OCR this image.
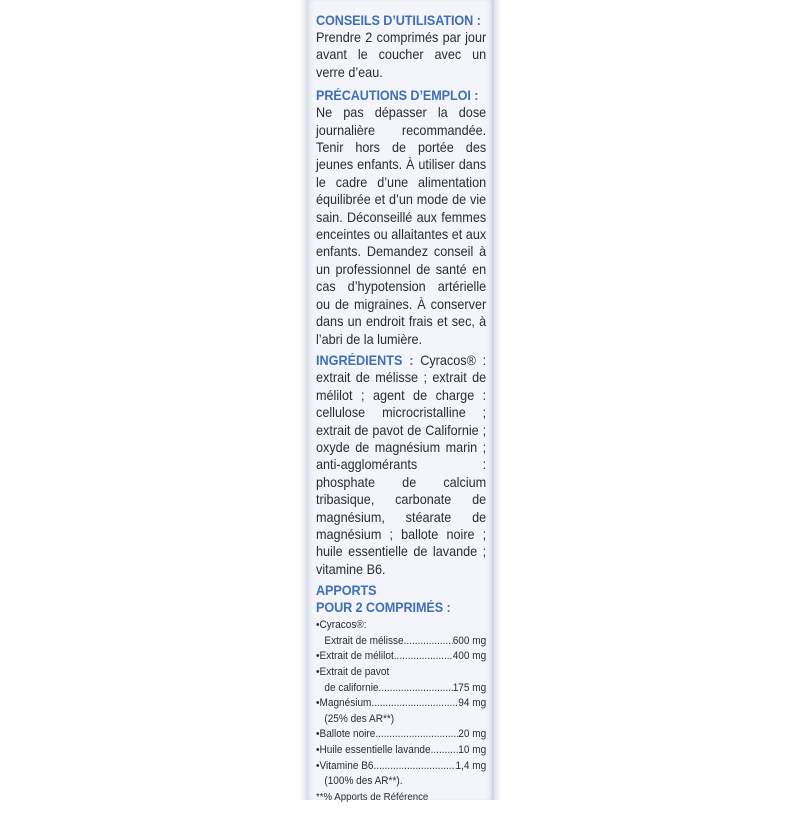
CONSEILS D’UTILISATION :

Prendre 2 comprimés par jour avant le coucher avec un verre d’eau.

PRÉCAUTIONS D’EMPLOI :

Ne pas dépasser la dose journalière recommandée. Tenir hors de portée des jeunes enfants. À utiliser dans le cadre d’une alimentation équilibrée et d’un mode de vie sain. Déconseillé aux femmes enceintes ou allaitantes et aux enfants. Demandez conseil à un professionnel de santé en cas d’hypotension artérielle ou de migraines. À conserver dans un endroit frais et sec, à l’abri de la lumière.

INGRÉDIENTS : Cyracos® : extrait de mélisse ; extrait de mélilot ; agent de charge : cellulose microcristalline ; extrait de pavot de Californie ; oxyde de magnésium marin ; anti-agglomérants : phosphate de calcium tribasique, carbonate de magnésium, stéarate de magnésium ; ballote noire ; huile essentielle de lavande ; vitamine B6.

APPORTS
POUR 2 COMPRIMÉS :
•Cyracos®:
Extrait de mélisse .....	600 mg
•Extrait de mélilot .....	400 mg
•Extrait de pavot
de californie .....	175 mg
•Magnésium .....	94 mg
(25% des AR**)
•Ballote noire .....	20 mg
•Huile essentielle lavande .....	10 mg
•Vitamine B6 .....	1,4 mg
(100% des AR**).
**% Apports de Référence
